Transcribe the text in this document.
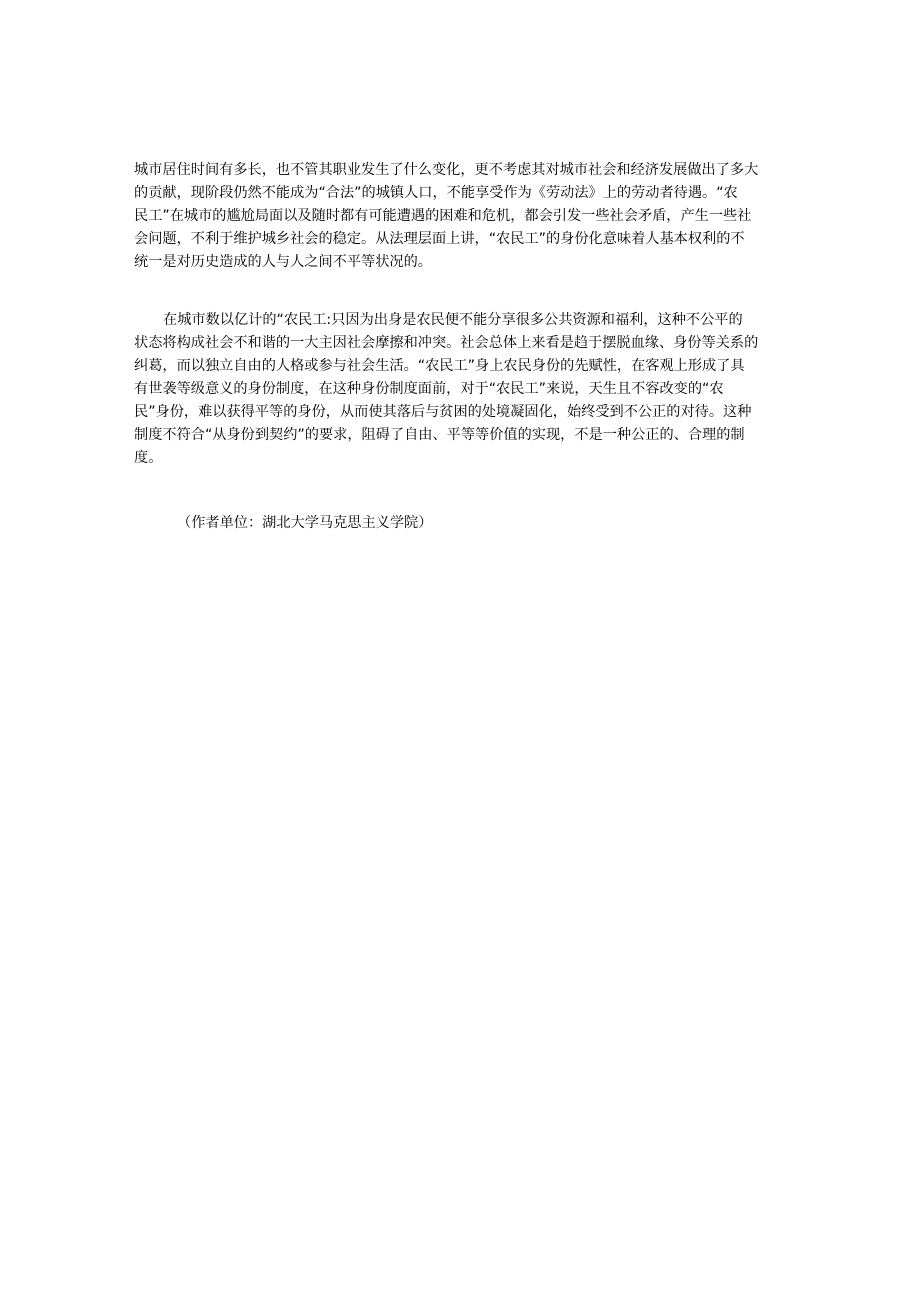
城市居住时间有多长，也不管其职业发生了什么变化，更不考虑其对城市社会和经济发展做出了多大
的贡献，现阶段仍然不能成为“合法”的城镇人口，不能享受作为《劳动法》上的劳动者待遇。“农
民工”在城市的尴尬局面以及随时都有可能遭遇的困难和危机，都会引发一些社会矛盾，产生一些社
会问题，不利于维护城乡社会的稳定。从法理层面上讲，“农民工”的身份化意味着人基本权利的不
统一是对历史造成的人与人之间不平等状况的。
在城市数以亿计的“农民工:只因为出身是农民便不能分享很多公共资源和福利，这种不公平的
状态将构成社会不和谐的一大主因社会摩擦和冲突。社会总体上来看是趋于摆脱血缘、身份等关系的
纠葛，而以独立自由的人格或参与社会生活。“农民工”身上农民身份的先赋性，在客观上形成了具
有世袭等级意义的身份制度，在这种身份制度面前，对于“农民工”来说，天生且不容改变的“农
民”身份，难以获得平等的身份，从而使其落后与贫困的处境凝固化，始终受到不公正的对待。这种
制度不符合“从身份到契约”的要求，阻碍了自由、平等等价值的实现，不是一种公正的、合理的制
度。
（作者单位：湖北大学马克思主义学院）
